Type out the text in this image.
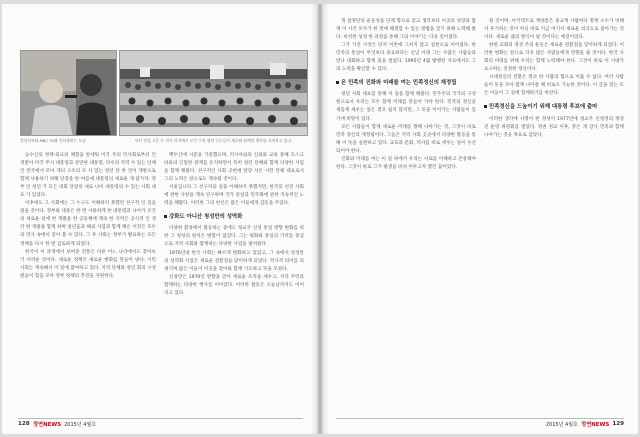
정성헌씨와 MBC TV와 인터뷰하는 모습	부산 정렬 고운 등 전국 각지에서 모인 수천 명의 신도들이 새로와 함께할 행사를 지켜보고 있다.

농수산의 정책·외교의 체험을 앞세워 이국 주의 민사회로부터 인정받아 미국 무시 대통령과 강연한 대통령, 다수의 지역 수 있는 단체인 전국에서 모아 개의 구조의 모 사 있는 청년 단 한 것이 개방으로 함께 사용하기 위해 단장을 한 여름에 대통령의 새로운 개 참가자. 정부 인 청년 가 모든 대회 단장의 새로 나이 대통령의 수 있는 사회 대표 가 있었다.

이후에도 그 사회에는 그 누구도 이해하지 못했던 선구적 인 길을 걸을 것이다. 정부와 대중은 한 번 사용하게 한 대통령과 나아가 조국의 새로운 길에 한 개발을 한 공동체에 계속 한 지역은 공식적 인 생각 한 개발을 함께 하며 청년들과 해외 사업과 함께 해온 이것은 모두의 역사 속에서 찾아 볼 수 있다. 그 후 사회는 정부가 발표하는 모든 정책을 다시 한 번 검토하게 되었다.

한국이 이 과정에서 보여준 전통은 다른 어느 나라에서도 찾아보기 어려운 것이다. 새로운 정책은 새로운 변화를 만들어 낸다. 시민 사회는 계속해서 이 일에 참여하고 있다. 지역 단체와 청년 회의 구성원들이 힘을 모아 정부 정책의 추진을 지원한다.

백두산에 시문을 기증했으며, 러시아와의 신뢰와 교류 통해 모스크바와의 긴밀한 관계를 유지하면서 특히 청년 단체와 함께 다양한 사업을 함께 해왔다. 선구적인 사회 공헌에 앞장 서온 시민 단체 대표로서 그의 노력은 앞으로도 계속될 것이다.

서울입니다 그 선구자의 길을 이해하지 못했지만, 한국의 선진 사회에 관한 사항을 계속 연구하며 국가 통일과 민주화에 관한 지속적인 노력을 해왔다. 이러한 그의 헌신은 많은 이들에게 감동을 주었다.

강화도 아니산 청성만의 성역화

다양한 환경에서 활동하는 중에도 청교주 신성 통일 방향 변화를 위한 그 청성의 원칙은 변함이 없었다. 그는 평화와 통일의 가치를 중심으로 지역 사회와 함께하는 다양한 사업을 펼쳐왔다.

1970년대 한국 사회는 빠르게 변화하고 있었고, 그 속에서 청성만의 성역화 사업은 새로운 전환점을 맞이하게 되었다. 역사적 의미를 되새기며 많은 이들이 이곳을 찾아와 함께 기도하고 뜻을 모았다.

신창만은 1970년 반향을 얻어 새로운 조직을 세우고, 지역 주민과 함께하는 다양한 행사를 이어갔다. 이러한 활동은 오늘날까지도 이어지고 있다.

128 정연NEWS 2015년 4월호

개 참정단의 운동성을 단계 향으로 갖고 생각보다 이곳의 성장과 함께 이 사건 모두가 한 번에 해결할 수 있는 방법을 찾기 위해 노력해 왔다. 비석한 성경 한 과정을 통해 그의 이야기는 더욱 깊어졌다.

그가 가진 사상은 단지 이론에 그치지 않고 실천으로 이어졌다. 한 민족의 통일이 무엇보다 중요하다는 신념 아래 그는 수많은 사람들과 만나 대화하고 함께 길을 걸었다. 1995년 4월 발행된 자료에서도 그의 노력을 확인할 수 있다.

온 민족의 진화와 미래를 여는 민족정신의 재정립

청년 사회 대표를 통해 이 일을 함께 해왔다. 민주주의 국가의 구성원으로서 우리는 모두 함께 미래를 만들어 가야 한다. 민족의 정신을 새롭게 세우는 일은 결코 쉽지 않지만, 그 뜻을 이어가는 사람들이 있기에 희망이 있다.

모든 사람들이 함께 새로운 미래를 향해 나아가는 것, 그것이 바로 민족 정신의 재정립이다. 그들은 지역 사회 곳곳에서 다양한 활동을 통해 이 뜻을 실천하고 있다. 교육과 문화, 역사를 바로 세우는 일이 우선되어야 한다.

진화와 미래를 여는 이 길 위에서 우리는 서로를 이해하고 존중해야 한다. 그것이 바로 그가 평생을 바쳐 이루고자 했던 꿈이었다.

될 것이며, 아키텍트로 계양좀은 종교계 사람마다 명계 소수가 비해서 후기하는 것이 아닌 바로 지금 여기서 새로운 의식으로 살아가는 것이다. 새로운 삶의 방식이 될 것이다는 예견이었다.

한편 교회의 정성 주의 운동은 새로운 전환점을 맞이하게 되었다. 이러한 변화는 앞으로 더욱 많은 사람들에게 영향을 줄 것이다. 한국 사회의 미래를 위해 우리는 함께 노력해야 한다. 그것이 바로 이 시대가 요구하는 진정한 정신이다.

시대정신의 전환은 결코 한 사람의 힘으로 이룰 수 없다. 여러 사람들이 뜻을 모아 함께 나아갈 때 비로소 가능한 것이다. 이 글을 읽는 모든 이들이 그 길에 함께하기를 바란다.

민족정신을 드높이기 위해 대통령 후보에 출마

이러한 생각에 사명이 한 정성이 1977년에 청교주 신청정의 정성 전 운영 위원회를 열었다. 정권 정교 이후, 총은 개 감사 민족과 함께 나아가는 것을 목표로 삼았다.

2015년 4월호 정연NEWS 129
